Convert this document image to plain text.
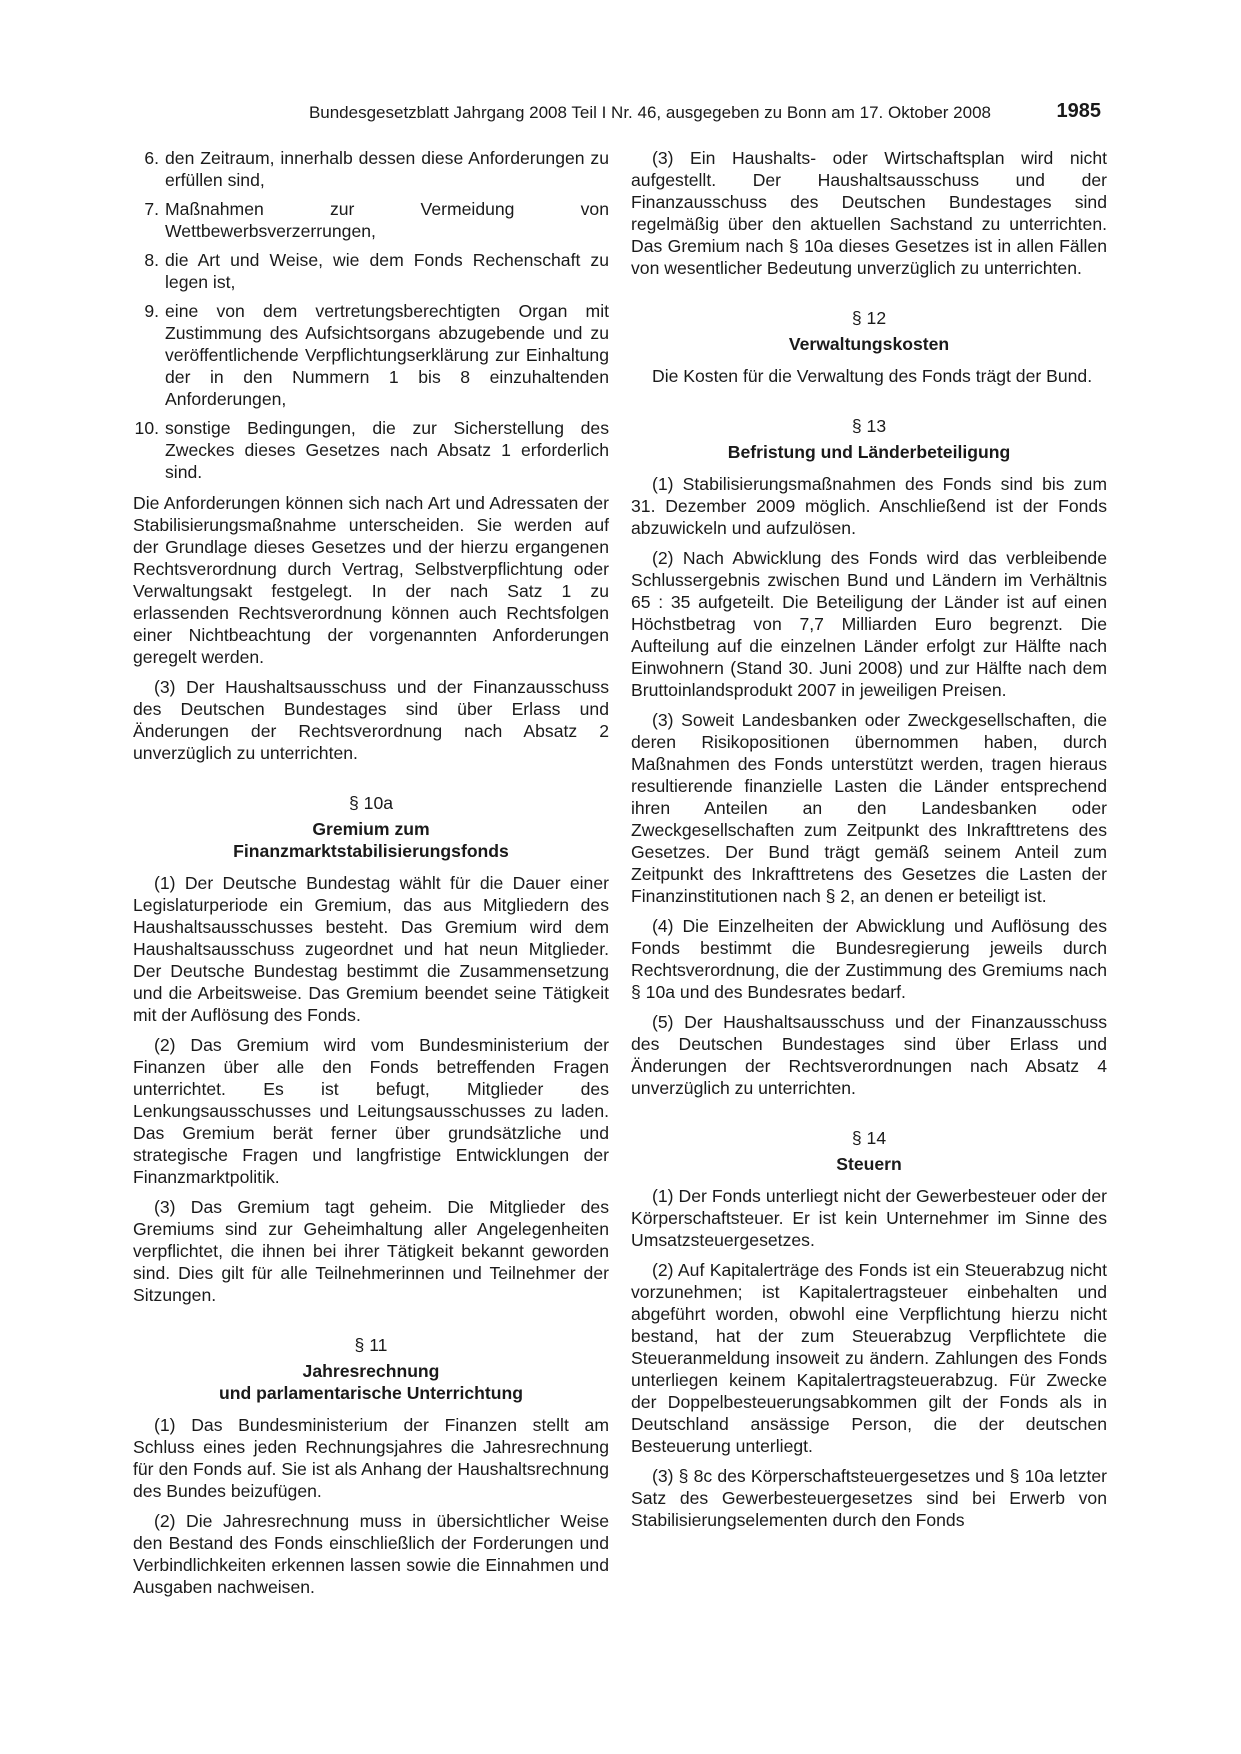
Bundesgesetzblatt Jahrgang 2008 Teil I Nr. 46, ausgegeben zu Bonn am 17. Oktober 2008	1985
6. den Zeitraum, innerhalb dessen diese Anforderungen zu erfüllen sind,
7. Maßnahmen zur Vermeidung von Wettbewerbsverzerrungen,
8. die Art und Weise, wie dem Fonds Rechenschaft zu legen ist,
9. eine von dem vertretungsberechtigten Organ mit Zustimmung des Aufsichtsorgans abzugebende und zu veröffentlichende Verpflichtungserklärung zur Einhaltung der in den Nummern 1 bis 8 einzuhaltenden Anforderungen,
10. sonstige Bedingungen, die zur Sicherstellung des Zweckes dieses Gesetzes nach Absatz 1 erforderlich sind.

Die Anforderungen können sich nach Art und Adressaten der Stabilisierungsmaßnahme unterscheiden. Sie werden auf der Grundlage dieses Gesetzes und der hierzu ergangenen Rechtsverordnung durch Vertrag, Selbstverpflichtung oder Verwaltungsakt festgelegt. In der nach Satz 1 zu erlassenden Rechtsverordnung können auch Rechtsfolgen einer Nichtbeachtung der vorgenannten Anforderungen geregelt werden.

(3) Der Haushaltsausschuss und der Finanzausschuss des Deutschen Bundestages sind über Erlass und Änderungen der Rechtsverordnung nach Absatz 2 unverzüglich zu unterrichten.

§ 10a
Gremium zum
Finanzmarktstabilisierungsfonds

(1) Der Deutsche Bundestag wählt für die Dauer einer Legislaturperiode ein Gremium, das aus Mitgliedern des Haushaltsausschusses besteht. Das Gremium wird dem Haushaltsausschuss zugeordnet und hat neun Mitglieder. Der Deutsche Bundestag bestimmt die Zusammensetzung und die Arbeitsweise. Das Gremium beendet seine Tätigkeit mit der Auflösung des Fonds.

(2) Das Gremium wird vom Bundesministerium der Finanzen über alle den Fonds betreffenden Fragen unterrichtet. Es ist befugt, Mitglieder des Lenkungsausschusses und Leitungsausschusses zu laden. Das Gremium berät ferner über grundsätzliche und strategische Fragen und langfristige Entwicklungen der Finanzmarktpolitik.

(3) Das Gremium tagt geheim. Die Mitglieder des Gremiums sind zur Geheimhaltung aller Angelegenheiten verpflichtet, die ihnen bei ihrer Tätigkeit bekannt geworden sind. Dies gilt für alle Teilnehmerinnen und Teilnehmer der Sitzungen.

§ 11
Jahresrechnung
und parlamentarische Unterrichtung

(1) Das Bundesministerium der Finanzen stellt am Schluss eines jeden Rechnungsjahres die Jahresrechnung für den Fonds auf. Sie ist als Anhang der Haushaltsrechnung des Bundes beizufügen.

(2) Die Jahresrechnung muss in übersichtlicher Weise den Bestand des Fonds einschließlich der Forderungen und Verbindlichkeiten erkennen lassen sowie die Einnahmen und Ausgaben nachweisen.

(3) Ein Haushalts- oder Wirtschaftsplan wird nicht aufgestellt. Der Haushaltsausschuss und der Finanzausschuss des Deutschen Bundestages sind regelmäßig über den aktuellen Sachstand zu unterrichten. Das Gremium nach § 10a dieses Gesetzes ist in allen Fällen von wesentlicher Bedeutung unverzüglich zu unterrichten.

§ 12
Verwaltungskosten

Die Kosten für die Verwaltung des Fonds trägt der Bund.

§ 13
Befristung und Länderbeteiligung

(1) Stabilisierungsmaßnahmen des Fonds sind bis zum 31. Dezember 2009 möglich. Anschließend ist der Fonds abzuwickeln und aufzulösen.

(2) Nach Abwicklung des Fonds wird das verbleibende Schlussergebnis zwischen Bund und Ländern im Verhältnis 65 : 35 aufgeteilt. Die Beteiligung der Länder ist auf einen Höchstbetrag von 7,7 Milliarden Euro begrenzt. Die Aufteilung auf die einzelnen Länder erfolgt zur Hälfte nach Einwohnern (Stand 30. Juni 2008) und zur Hälfte nach dem Bruttoinlandsprodukt 2007 in jeweiligen Preisen.

(3) Soweit Landesbanken oder Zweckgesellschaften, die deren Risikopositionen übernommen haben, durch Maßnahmen des Fonds unterstützt werden, tragen hieraus resultierende finanzielle Lasten die Länder entsprechend ihren Anteilen an den Landesbanken oder Zweckgesellschaften zum Zeitpunkt des Inkrafttretens des Gesetzes. Der Bund trägt gemäß seinem Anteil zum Zeitpunkt des Inkrafttretens des Gesetzes die Lasten der Finanzinstitutionen nach § 2, an denen er beteiligt ist.

(4) Die Einzelheiten der Abwicklung und Auflösung des Fonds bestimmt die Bundesregierung jeweils durch Rechtsverordnung, die der Zustimmung des Gremiums nach § 10a und des Bundesrates bedarf.

(5) Der Haushaltsausschuss und der Finanzausschuss des Deutschen Bundestages sind über Erlass und Änderungen der Rechtsverordnungen nach Absatz 4 unverzüglich zu unterrichten.

§ 14
Steuern

(1) Der Fonds unterliegt nicht der Gewerbesteuer oder der Körperschaftsteuer. Er ist kein Unternehmer im Sinne des Umsatzsteuergesetzes.

(2) Auf Kapitalerträge des Fonds ist ein Steuerabzug nicht vorzunehmen; ist Kapitalertragsteuer einbehalten und abgeführt worden, obwohl eine Verpflichtung hierzu nicht bestand, hat der zum Steuerabzug Verpflichtete die Steueranmeldung insoweit zu ändern. Zahlungen des Fonds unterliegen keinem Kapitalertragsteuerabzug. Für Zwecke der Doppelbesteuerungsabkommen gilt der Fonds als in Deutschland ansässige Person, die der deutschen Besteuerung unterliegt.

(3) § 8c des Körperschaftsteuergesetzes und § 10a letzter Satz des Gewerbesteuergesetzes sind bei Erwerb von Stabilisierungselementen durch den Fonds
